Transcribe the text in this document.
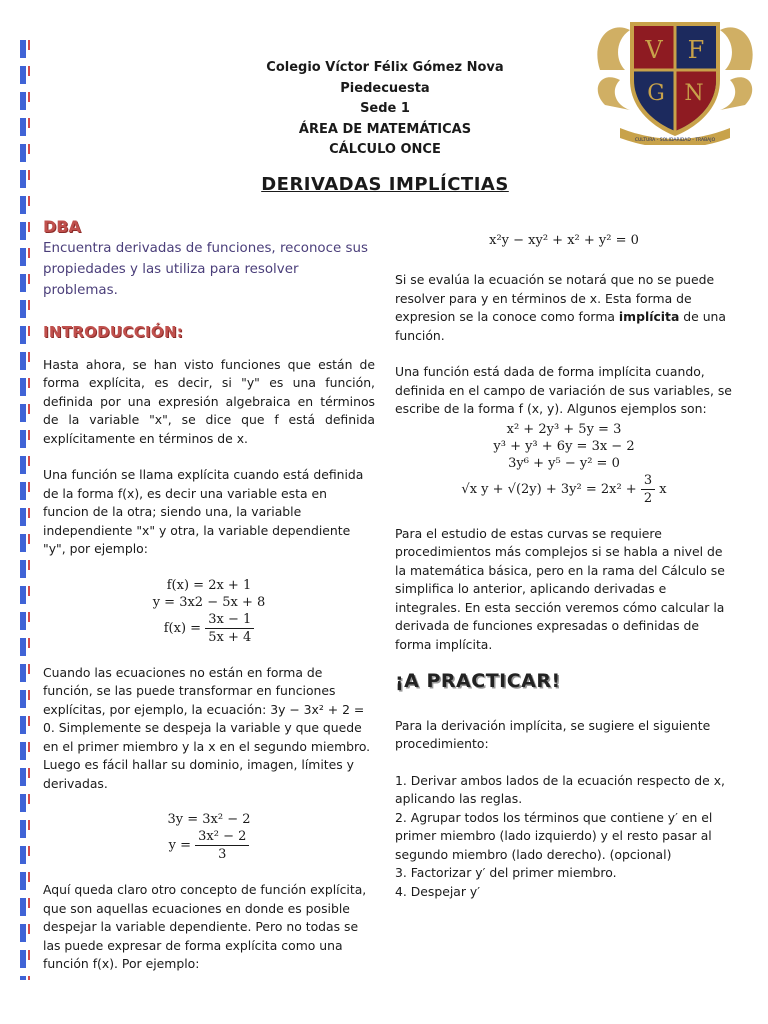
Colegio Víctor Félix Gómez Nova
Piedecuesta
Sede 1
ÁREA DE MATEMÁTICAS
CÁLCULO ONCE
V F
G N
CULTURA - SOLIDARIDAD - TRABAJO
DERIVADAS IMPLÍCTIAS
DBA
Encuentra derivadas de funciones, reconoce sus propiedades y las utiliza para resolver problemas.
INTRODUCCIÓN:

Hasta ahora, se han visto funciones que están de forma explícita, es decir, si "y" es una función, definida por una expresión algebraica en términos de la variable "x", se dice que f está definida explícitamente en términos de x.

Una función se llama explícita cuando está definida de la forma f(x), es decir una variable esta en funcion de la otra; siendo una, la variable independiente "x" y otra, la variable dependiente "y", por ejemplo:

f(x) = 2x + 1
y = 3x2 − 5x + 8
$f(x) = \frac{3x - 1}{5x + 4}$

Cuando las ecuaciones no están en forma de función, se las puede transformar en funciones explícitas, por ejemplo, la ecuación: 3y − 3x² + 2 = 0. Simplemente se despeja la variable y que quede en el primer miembro y la x en el segundo miembro. Luego es fácil hallar su dominio, imagen, límites y derivadas.

3y = 3x² − 2
$y = \frac{\text{3x² − 2}}{3}$

Aquí queda claro otro concepto de función explícita, que son aquellas ecuaciones en donde es posible despejar la variable dependiente. Pero no todas se las puede expresar de forma explícita como una función f(x). Por ejemplo:

x²y − xy² + x² + y² = 0

Si se evalúa la ecuación se notará que no se puede resolver para y en términos de x. Esta forma de expresion se la conoce como forma implícita de una función.

Una función está dada de forma implícita cuando, definida en el campo de variación de sus variables, se escribe de la forma f (x, y). Algunos ejemplos son:

x² + 2y³ + 5y = 3
y³ + y³ + 6y = 3x − 2
3y⁶ + y⁵ − y² = 0
√x $y + √(2y) + 3y^2 = 2x^2 + \frac{3}{2}$ x

Para el estudio de estas curvas se requiere procedimientos más complejos si se habla a nivel de la matemática básica, pero en la rama del Cálculo se simplifica lo anterior, aplicando derivadas e integrales. En esta sección veremos cómo calcular la derivada de funciones expresadas o definidas de forma implícita.

¡A PRACTICAR!

Para la derivación implícita, se sugiere el siguiente procedimiento:

1. Derivar ambos lados de la ecuación respecto de x, aplicando las reglas.

2. Agrupar todos los términos que contiene y′ en el primer miembro (lado izquierdo) y el resto pasar al segundo miembro (lado derecho). (opcional)

3. Factorizar y′ del primer miembro.

4. Despejar y′
